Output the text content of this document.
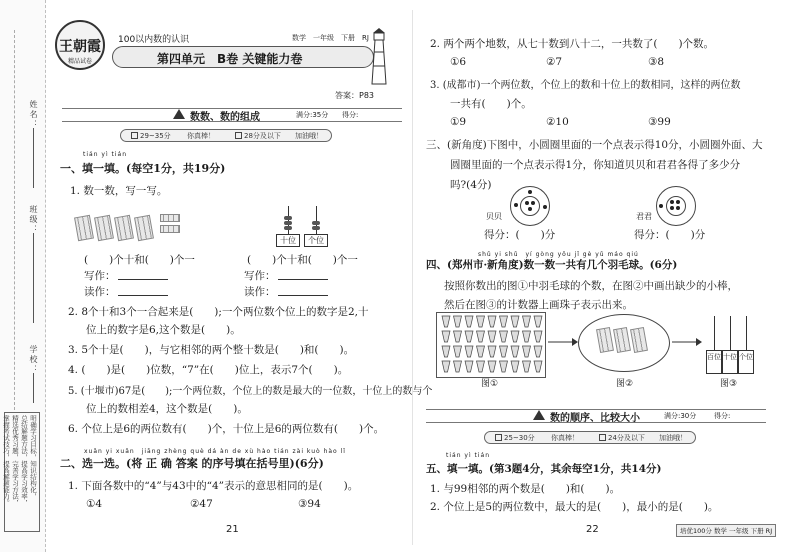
姓名：
班级：
学校：
明确学习目标，知识结构化，
总结解题方法，提高学习效率，
精选优秀习题，完善学习方法，
掌握考试技巧，提高解题能力。
王朝霞
精品试卷
100以内数的认识	数学　一年级　下册　RJ
第四单元　B卷 关键能力卷
答案：P83
数数、数的组成	满分:35分 得分:
29~35分 你真棒！	28分及以下 加油哦！
tián yì tián
一、填一填。(每空1分，共19分)
1. 数一数，写一写。
十位	个位
(　　)个十和(　　)个一	(　　)个十和(　　)个一
写作：	写作：
读作：	读作：
2. 8个十和3个一合起来是(　　);一个两位数个位上的数字是2,十
位上的数字是6,这个数是(　　)。
3. 5个十是(　　)，与它相邻的两个整十数是(　　)和(　　)。
4. (　　)是(　　)位数，“7”在(　　)位上，表示7个(　　)。
5. (十堰市)67是(　　);一个两位数，个位上的数是最大的一位数，十位上的数与个
位上的数相差4，这个数是(　　)。
6. 个位上是6的两位数有(　　)个，十位上是6的两位数有(　　)个。
xuǎn yi xuǎn　jiāng zhèng què dá àn de xù hào tián zài kuò hào lǐ
二、选一选。(将 正 确 答案 的序号填在括号里)(6分)
1. 下面各数中的“4”与43中的“4”表示的意思相同的是(　　)。
①4	②47	③94
21
2. 两个两个地数，从七十数到八十二，一共数了(　　)个数。
①6	②7	③8
3. (成都市)一个两位数，个位上的数和十位上的数相同，这样的两位数
一共有(　　)个。
①9	②10	③99
三、(新角度)下图中，小圆圈里面的一个点表示得10分，小圆圈外面、大
圆圈里面的一个点表示得1分，你知道贝贝和君君各得了多少分
吗?(4分)
贝贝
得分：(　　)分
君君
得分：(　　)分
shǔ yi shǔ　yí gòng yǒu jǐ gè yǔ máo qiú
四、(郑州市·新角度)数一数一共有几个羽毛球。(6分)
按照你数出的图①中羽毛球的个数，在图②中画出缺少的小棒，
然后在图③的计数器上画珠子表示出来。
百位 十位 个位
图①	图②	图③
数的顺序、比较大小	满分:30分	得分:
25~30分 你真棒！	24分及以下 加油哦！
tián yì tián
五、填一填。(第3题4分，其余每空1分，共14分)
1. 与99相邻的两个数是(　　)和(　　)。
2. 个位上是5的两位数中，最大的是(　　)，最小的是(　　)。
22	培优100分 数学 一年级 下册 RJ
